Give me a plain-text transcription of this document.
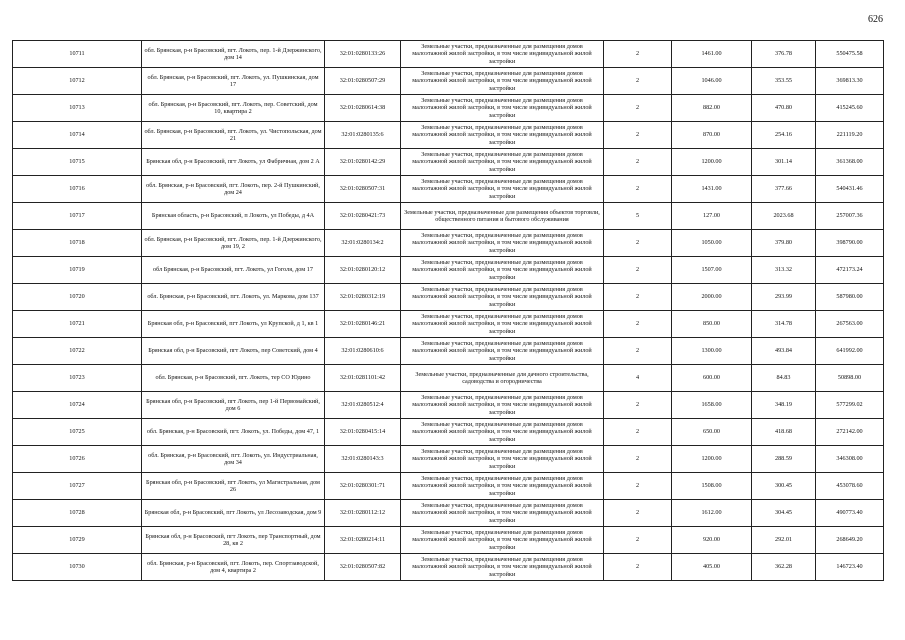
626
10711	обл. Брянская, р-н Брасовский, пгт. Локоть, пер. 1-й Дзержинского, дом 14	32:01:0280133:26	Земельные участки, предназначенные для размещения домов малоэтажной жилой застройки, в том числе индивидуальной жилой застройки	2	1461.00	376.78	550475.58
10712	обл. Брянская, р-н Брасовский, пгт. Локоть, ул. Пушкинская, дом 17	32:01:0280507:29	Земельные участки, предназначенные для размещения домов малоэтажной жилой застройки, в том числе индивидуальной жилой застройки	2	1046.00	353.55	369813.30
10713	обл. Брянская, р-н Брасовский, пгт. Локоть, пер. Советский, дом 10, квартира 2	32:01:0280614:38	Земельные участки, предназначенные для размещения домов малоэтажной жилой застройки, в том числе индивидуальной жилой застройки	2	882.00	470.80	415245.60
10714	обл. Брянская, р-н Брасовский, пгт. Локоть, ул. Чистопольская, дом 21	32:01:0280135:6	Земельные участки, предназначенные для размещения домов малоэтажной жилой застройки, в том числе индивидуальной жилой застройки	2	870.00	254.16	221119.20
10715	Брянская обл, р-н Брасовский, пгт Локоть, ул Фабричная, дом 2 А	32:01:0280142:29	Земельные участки, предназначенные для размещения домов малоэтажной жилой застройки, в том числе индивидуальной жилой застройки	2	1200.00	301.14	361368.00
10716	обл. Брянская, р-н Брасовский, пгт. Локоть, пер. 2-й Пушкинский, дом 24	32:01:0280507:31	Земельные участки, предназначенные для размещения домов малоэтажной жилой застройки, в том числе индивидуальной жилой застройки	2	1431.00	377.66	540431.46
10717	Брянская область, р-н Брасовский, п Локоть, ул Победы, д 4А	32:01:0280421:73	Земельные участки, предназначенные для размещения объектов торговли, общественного питания и бытового обслуживания	5	127.00	2023.68	257007.36
10718	обл. Брянская, р-н Брасовский, пгт. Локоть, пер. 1-й Дзержинского, дом 19, 2	32:01:0280134:2	Земельные участки, предназначенные для размещения домов малоэтажной жилой застройки, в том числе индивидуальной жилой застройки	2	1050.00	379.80	398790.00
10719	обл Брянская, р-н Брасовский, пгт. Локоть, ул Гоголя, дом 17	32:01:0280120:12	Земельные участки, предназначенные для размещения домов малоэтажной жилой застройки, в том числе индивидуальной жилой застройки	2	1507.00	313.32	472173.24
10720	обл. Брянская, р-н Брасовский, пгт. Локоть, ул. Маркова, дом 137	32:01:0280312:19	Земельные участки, предназначенные для размещения домов малоэтажной жилой застройки, в том числе индивидуальной жилой застройки	2	2000.00	293.99	587980.00
10721	Брянская обл, р-н Брасовский, пгт Локоть, ул Крупской, д 1, кв 1	32:01:0280146:21	Земельные участки, предназначенные для размещения домов малоэтажной жилой застройки, в том числе индивидуальной жилой застройки	2	850.00	314.78	267563.00
10722	Брянская обл, р-н Брасовский, пгт Локоть, пер Советский, дом 4	32:01:0280610:6	Земельные участки, предназначенные для размещения домов малоэтажной жилой застройки, в том числе индивидуальной жилой застройки	2	1300.00	493.84	641992.00
10723	обл. Брянская, р-н Брасовский, пгт. Локоть, тер СО Юдино	32:01:0281101:42	Земельные участки, предназначенные для дачного строительства, садоводства и огородничества	4	600.00	84.83	50898.00
10724	Брянская обл, р-н Брасовский, пгт Локоть, пер 1-й Первомайский, дом 6	32:01:0280512:4	Земельные участки, предназначенные для размещения домов малоэтажной жилой застройки, в том числе индивидуальной жилой застройки	2	1658.00	348.19	577299.02
10725	обл. Брянская, р-н Брасовский, пгт. Локоть, ул. Победы, дом 47, 1	32:01:0280415:14	Земельные участки, предназначенные для размещения домов малоэтажной жилой застройки, в том числе индивидуальной жилой застройки	2	650.00	418.68	272142.00
10726	обл. Брянская, р-н Брасовский, пгт. Локоть, ул. Индустриальная, дом 34	32:01:0280143:3	Земельные участки, предназначенные для размещения домов малоэтажной жилой застройки, в том числе индивидуальной жилой застройки	2	1200.00	288.59	346308.00
10727	Брянская обл, р-н Брасовский, пгт Локоть, ул Магистральная, дом 26	32:01:0280301:71	Земельные участки, предназначенные для размещения домов малоэтажной жилой застройки, в том числе индивидуальной жилой застройки	2	1508.00	300.45	453078.60
10728	Брянская обл, р-н Брасовский, пгт Локоть, ул Лесозаводская, дом 9	32:01:0280112:12	Земельные участки, предназначенные для размещения домов малоэтажной жилой застройки, в том числе индивидуальной жилой застройки	2	1612.00	304.45	490773.40
10729	Брянская обл, р-н Брасовский, пгт Локоть, пер Транспортный, дом 28, кв 2	32:01:0280214:11	Земельные участки, предназначенные для размещения домов малоэтажной жилой застройки, в том числе индивидуальной жилой застройки	2	920.00	292.01	268649.20
10730	обл. Брянская, р-н Брасовский, пгт. Локоть, пер. Спортзаводской, дом 4, квартира 2	32:01:0280507:82	Земельные участки, предназначенные для размещения домов малоэтажной жилой застройки, в том числе индивидуальной жилой застройки	2	405.00	362.28	146723.40
